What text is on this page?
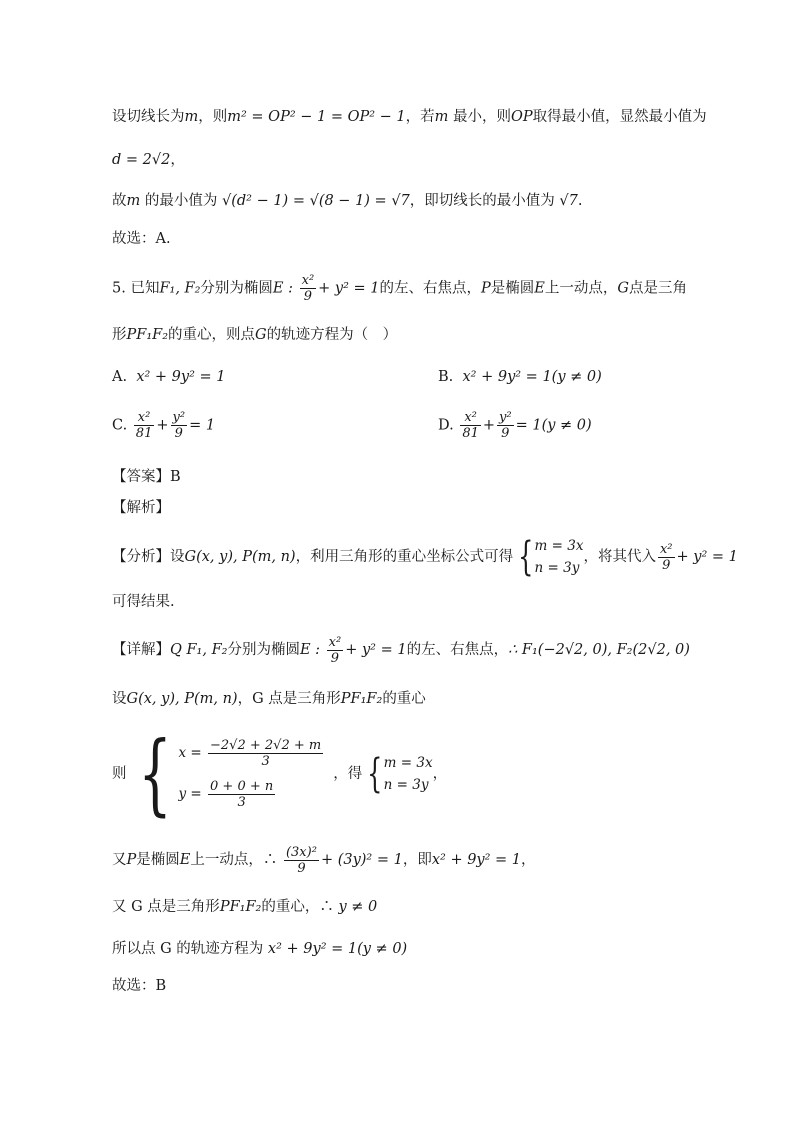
设切线长为m，则m² = OP² − 1 = OP² − 1，若m 最小，则OP取得最小值，显然最小值为
d = 2√2，
故m 的最小值为 √(d² − 1) = √(8 − 1) = √7，即切线长的最小值为 √7.
故选：A.
5. 已知F₁, F₂分别为椭圆E : $\frac{\text{x²}}{9} + y^2 = 1$的左、右焦点，P是椭圆E上一动点，G点是三角
形PF₁F₂的重心，则点G的轨迹方程为（　）
A. x² + 9y² = 1	B. x² + 9y² = 1(y ≠ 0)
C. $\frac{\text{x²}}{81} + \frac{\text{y²}}{9} = 1$	D. $\frac{\text{x²}}{81} + \frac{\text{y²}}{9} = 1(y \ne 0)$
【答案】B
【解析】
【分析】设G(x, y), P(m, n)，利用三角形的重心坐标公式可得 { m = 3x
n = 3y
，将其代入 $\frac{\text{x²}}{9} + y^2 = 1$
可得结果.
【详解】Q F₁, F₂分别为椭圆E : $\frac{\text{x²}}{9} + y^2 = 1$的左、右焦点，∴ F₁(−2√2, 0), F₂(2√2, 0)
设G(x, y), P(m, n)，G 点是三角形PF₁F₂的重心
则 { $x = \frac{-2√2 + 2√2 + m}{3}$
$y = \frac{0 + 0 + n}{3}$
，得 { m = 3x
n = 3y
，
又P是椭圆E上一动点，∴ $\frac{\text{(3x)²}}{9} + (3y)^2 = 1$，即x² + 9y² = 1，
又 G 点是三角形PF₁F₂的重心，∴ y ≠ 0
所以点 G 的轨迹方程为 x² + 9y² = 1(y ≠ 0)
故选：B
